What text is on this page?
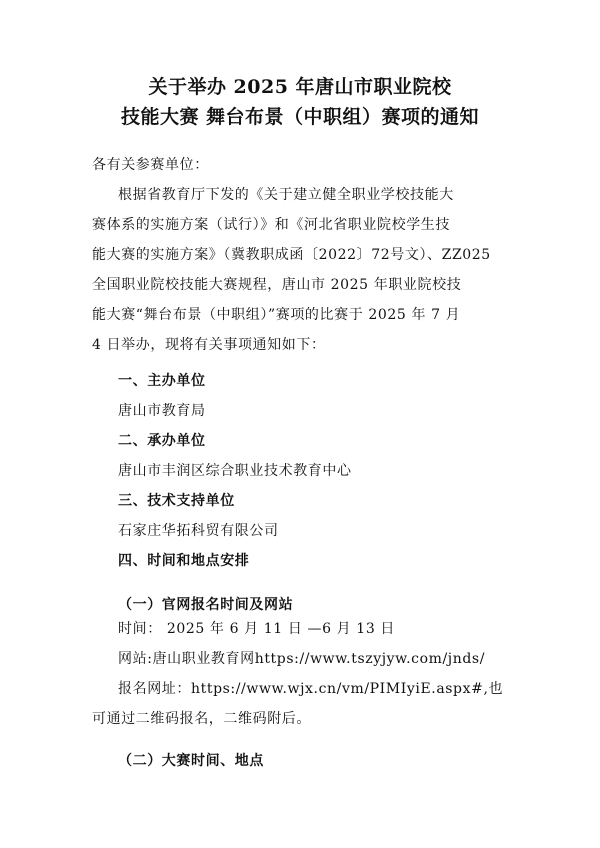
关于举办 2025 年唐山市职业院校
技能大赛 舞台布景（中职组）赛项的通知
各有关参赛单位：
根据省教育厅下发的《关于建立健全职业学校技能大
赛体系的实施方案（试行）》和《河北省职业院校学生技
能大赛的实施方案》（冀教职成函〔2022〕72号文）、ZZ025
全国职业院校技能大赛规程，唐山市 2025 年职业院校技
能大赛“舞台布景（中职组）”赛项的比赛于 2025 年 7 月
4 日举办，现将有关事项通知如下：
一、主办单位
唐山市教育局
二、承办单位
唐山市丰润区综合职业技术教育中心
三、技术支持单位
石家庄华拓科贸有限公司
四、时间和地点安排
（一）官网报名时间及网站
时间： 2025 年 6 月 11 日 —6 月 13 日
网站:唐山职业教育网https://www.tszyjyw.com/jnds/
报名网址：https://www.wjx.cn/vm/PIMIyiE.aspx#,也
可通过二维码报名，二维码附后。
（二）大赛时间、地点
